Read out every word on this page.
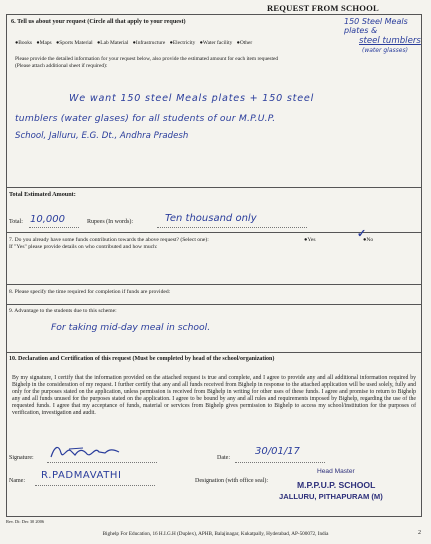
REQUEST FROM SCHOOL
6. Tell us about your request (Circle all that apply to your request)	150 Steel Meals plates &
●Books ●Maps ●Sports Material ●Lab Material ●Infrastructure ●Electricity ●Water facility ●Other	steel tumblers
(water glasses)
Please provide the detailed information for your request below, also provide the estimated amount for each item requested
(Please attach additional sheet if required):
We want 150 steel Meals plates + 150 steel
tumblers (water glases) for all students of our M.P.U.P.
School, Jalluru, E.G. Dt., Andhra Pradesh
Total Estimated Amount:
Total: 10,000	Rupees (In words):	Ten thousand only
7. Do you already have some funds contribution towards the above request? (Select one):	●Yes	●No
✓
If "Yes" please provide details on who contributed and how much:
8. Please specify the time required for completion if funds are provided:
9. Advantage to the students due to this scheme:
For taking mid-day meal in school.
10. Declaration and Certification of this request (Must be completed by head of the school/organization)
By my signature, I certify that the information provided on the attached request is true and complete, and I agree to provide any and all additional information required by Bighelp in the consideration of my request. I further certify that any and all funds received from Bighelp in response to the attached application will be used solely, fully and only for the purposes stated on the application, unless permission is received from Bighelp in writing for other uses of these funds. I agree and promise to return to Bighelp any and all funds unused for the purposes stated on the application. I agree to be bound by any and all rules and requirements imposed by Bighelp, regarding the use of the requested funds. I agree that my acceptance of funds, material or services from Bighelp gives permission to Bighelp to access my school/institution for the purposes of verification, investigation and audit.
Signature:	Date:
30/01/17
Name: R.PADMAVATHI	Designation (with office seal):
Head Master
M.P.P.U.P. SCHOOL
JALLURU, PITHAPURAM (M)
Rev. Dt: Dec 30 2006
Bighelp For Education, 16 H.I.G.H (Duplex), APHB, Balajinagar, Kukatpally, Hyderabad, AP-500072, India	2
